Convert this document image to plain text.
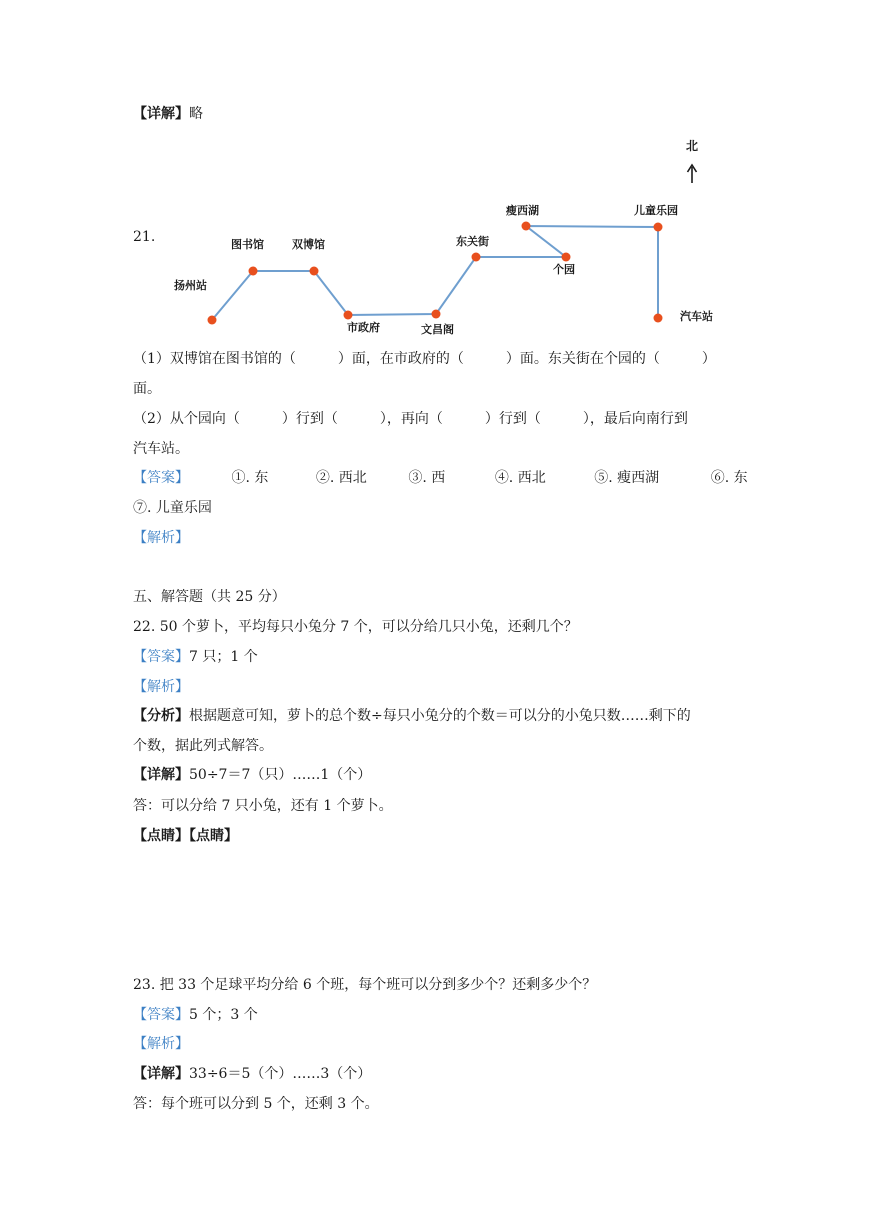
【详解】略
21.
北
扬州站
图书馆	双博馆
市政府	文昌阁
东关街
瘦西湖
个园
儿童乐园
汽车站
（1）双博馆在图书馆的（　　　）面，在市政府的（　　　）面。东关街在个园的（　　　）
面。
（2）从个园向（　　　）行到（　　　），再向（　　　）行到（　　　），最后向南行到
汽车站。
【答案】	①. 东	②. 西北	③. 西	④. 西北	⑤. 瘦西湖	⑥. 东
⑦. 儿童乐园
【解析】
五、解答题（共 25 分）
22. 50 个萝卜，平均每只小兔分 7 个，可以分给几只小兔，还剩几个？
【答案】7 只；1 个
【解析】
【分析】根据题意可知，萝卜的总个数÷每只小兔分的个数＝可以分的小兔只数……剩下的
个数，据此列式解答。
【详解】50÷7＝7（只）……1（个）
答：可以分给 7 只小兔，还有 1 个萝卜。
【点睛】【点睛】
23. 把 33 个足球平均分给 6 个班，每个班可以分到多少个？还剩多少个？
【答案】5 个；3 个
【解析】
【详解】33÷6＝5（个）……3（个）
答：每个班可以分到 5 个，还剩 3 个。
